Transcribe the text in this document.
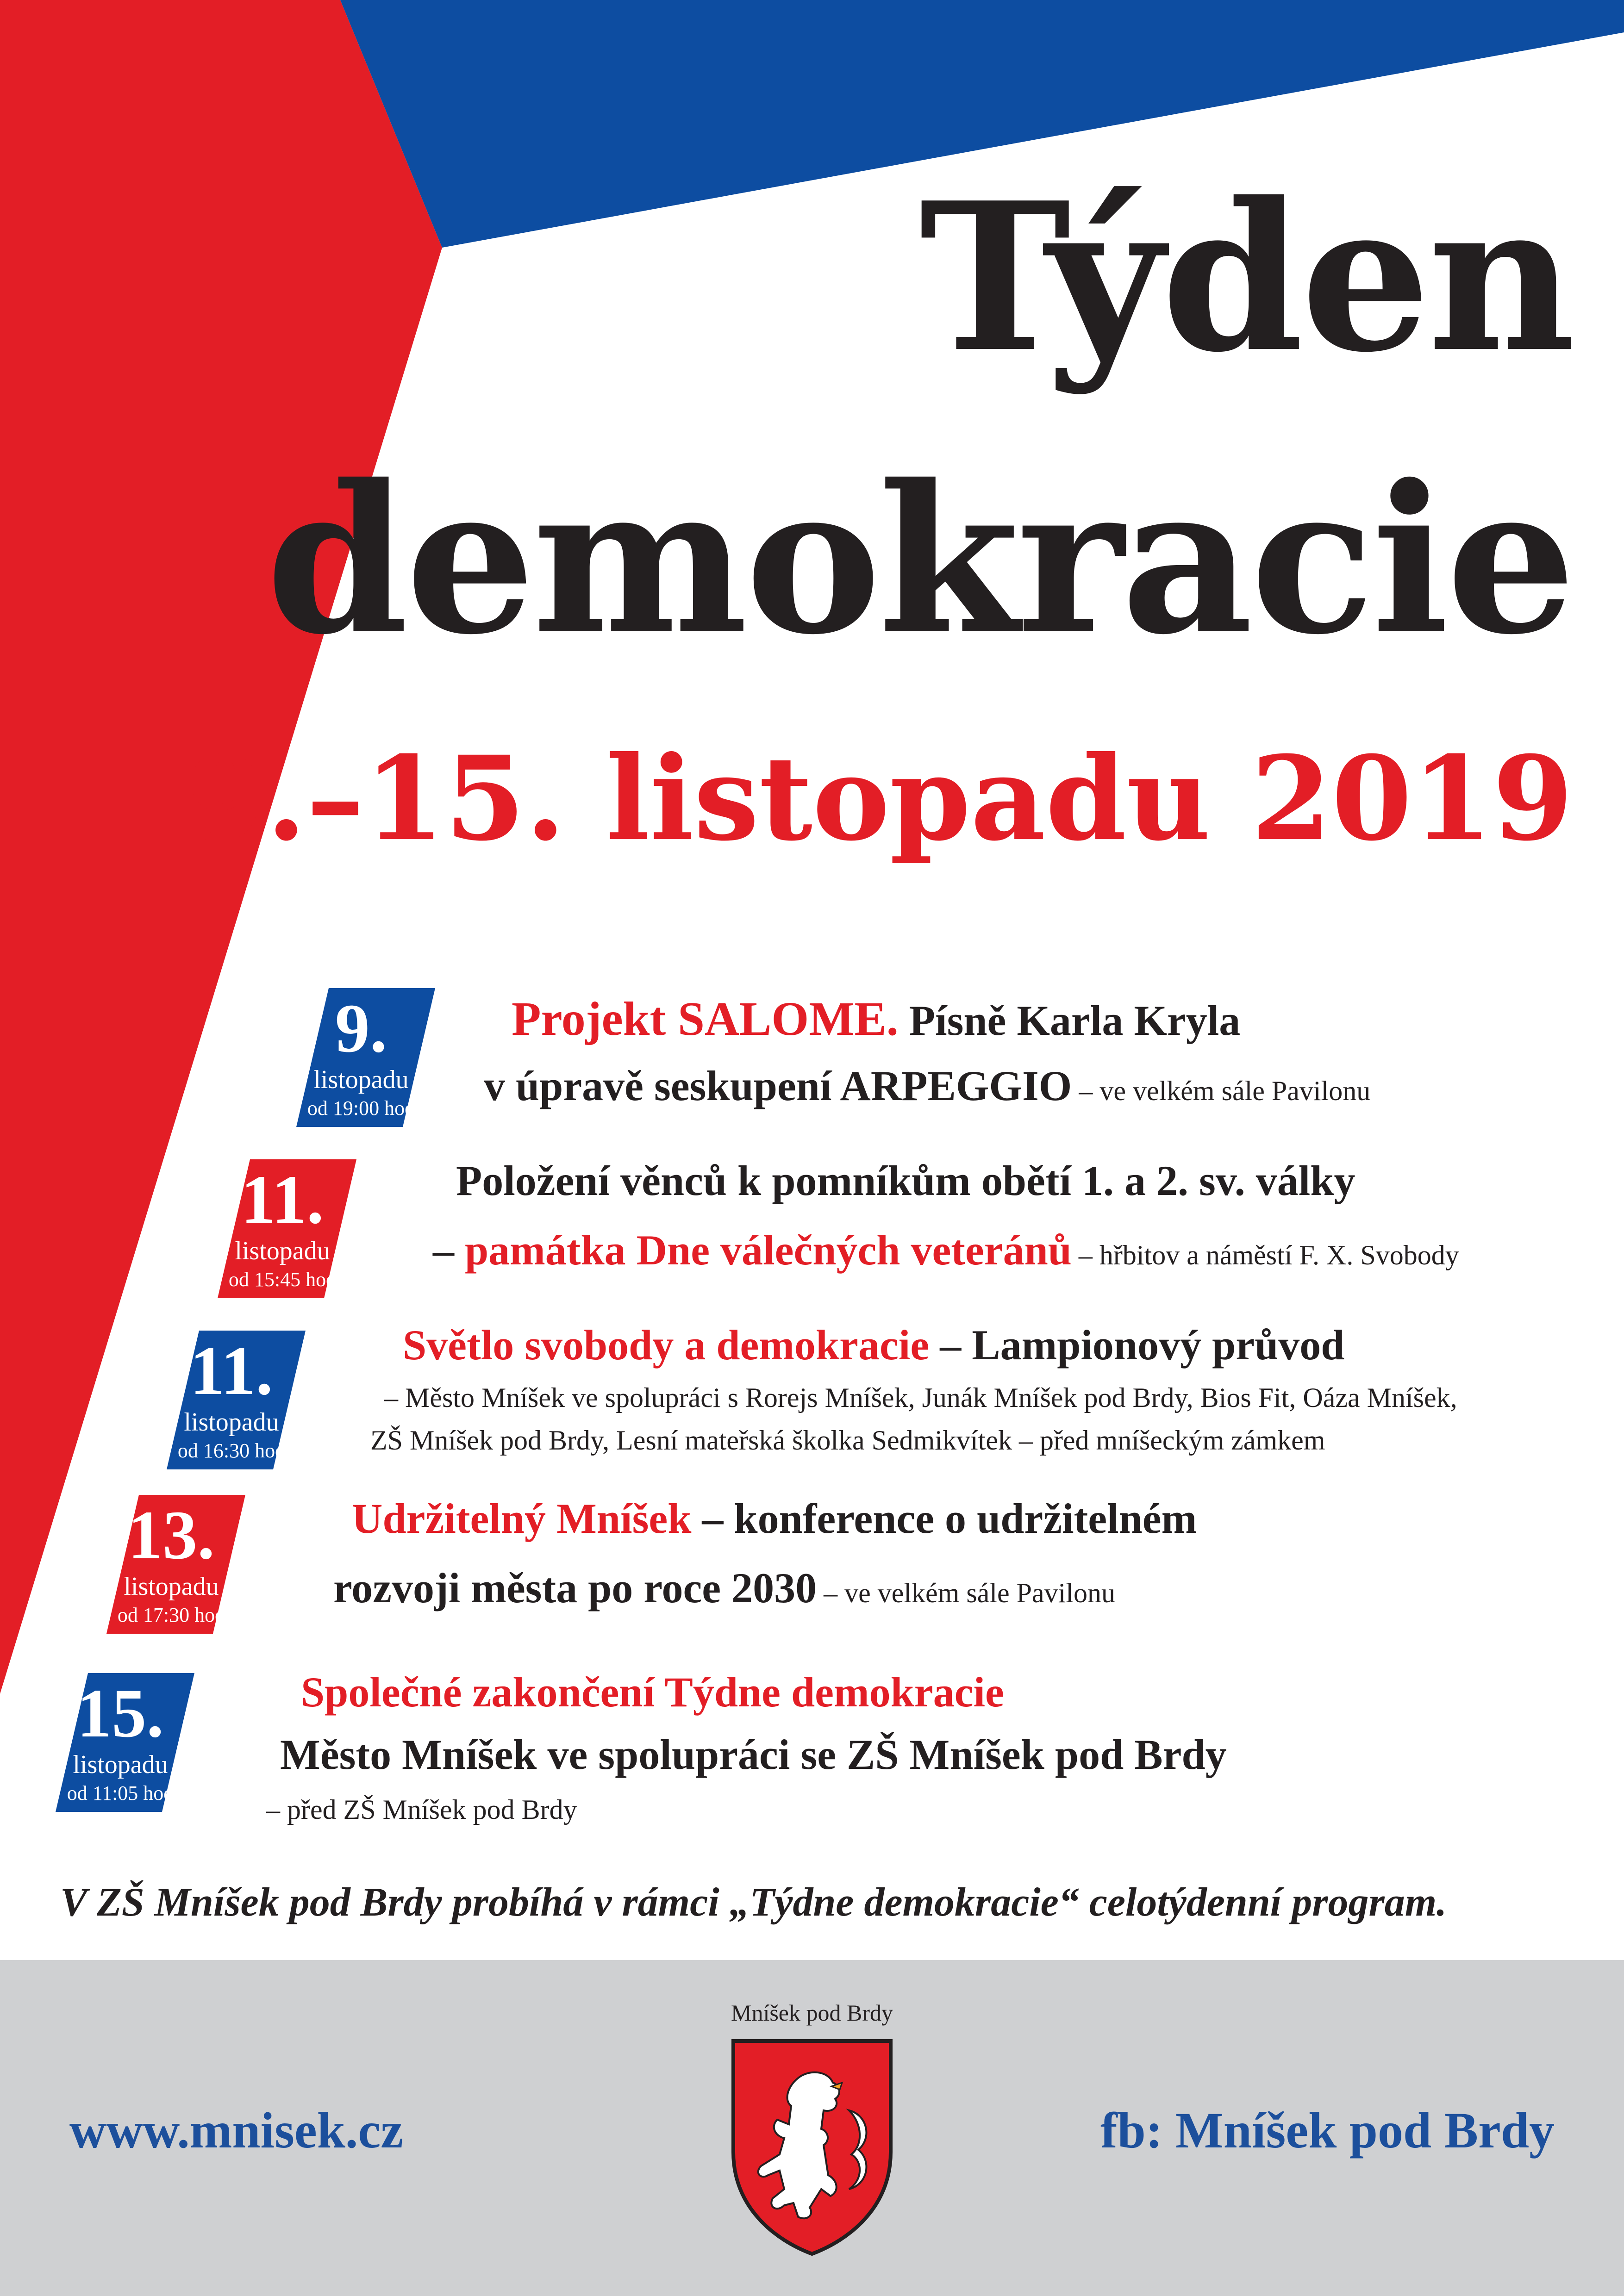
Týden
demokracie
9.–15. listopadu 2019
9.
listopadu
od 19:00 hod
Projekt SALOME. Písně Karla Kryla
v úpravě seskupení ARPEGGIO – ve velkém sále Pavilonu
11.
listopadu
od 15:45 hod
Položení věnců k pomníkům obětí 1. a 2. sv. války
– památka Dne válečných veteránů – hřbitov a náměstí F. X. Svobody
11.
listopadu
od 16:30 hod
Světlo svobody a demokracie – Lampionový průvod
– Město Mníšek ve spolupráci s Rorejs Mníšek, Junák Mníšek pod Brdy, Bios Fit, Oáza Mníšek,
ZŠ Mníšek pod Brdy, Lesní mateřská školka Sedmikvítek – před mníšeckým zámkem
13.
listopadu
od 17:30 hod
Udržitelný Mníšek – konference o udržitelném
rozvoji města po roce 2030 – ve velkém sále Pavilonu
15.
listopadu
od 11:05 hod
Společné zakončení Týdne demokracie
Město Mníšek ve spolupráci se ZŠ Mníšek pod Brdy
– před ZŠ Mníšek pod Brdy
V ZŠ Mníšek pod Brdy probíhá v rámci „Týdne demokracie“ celotýdenní program.
www.mnisek.cz
Mníšek pod Brdy
fb: Mníšek pod Brdy
